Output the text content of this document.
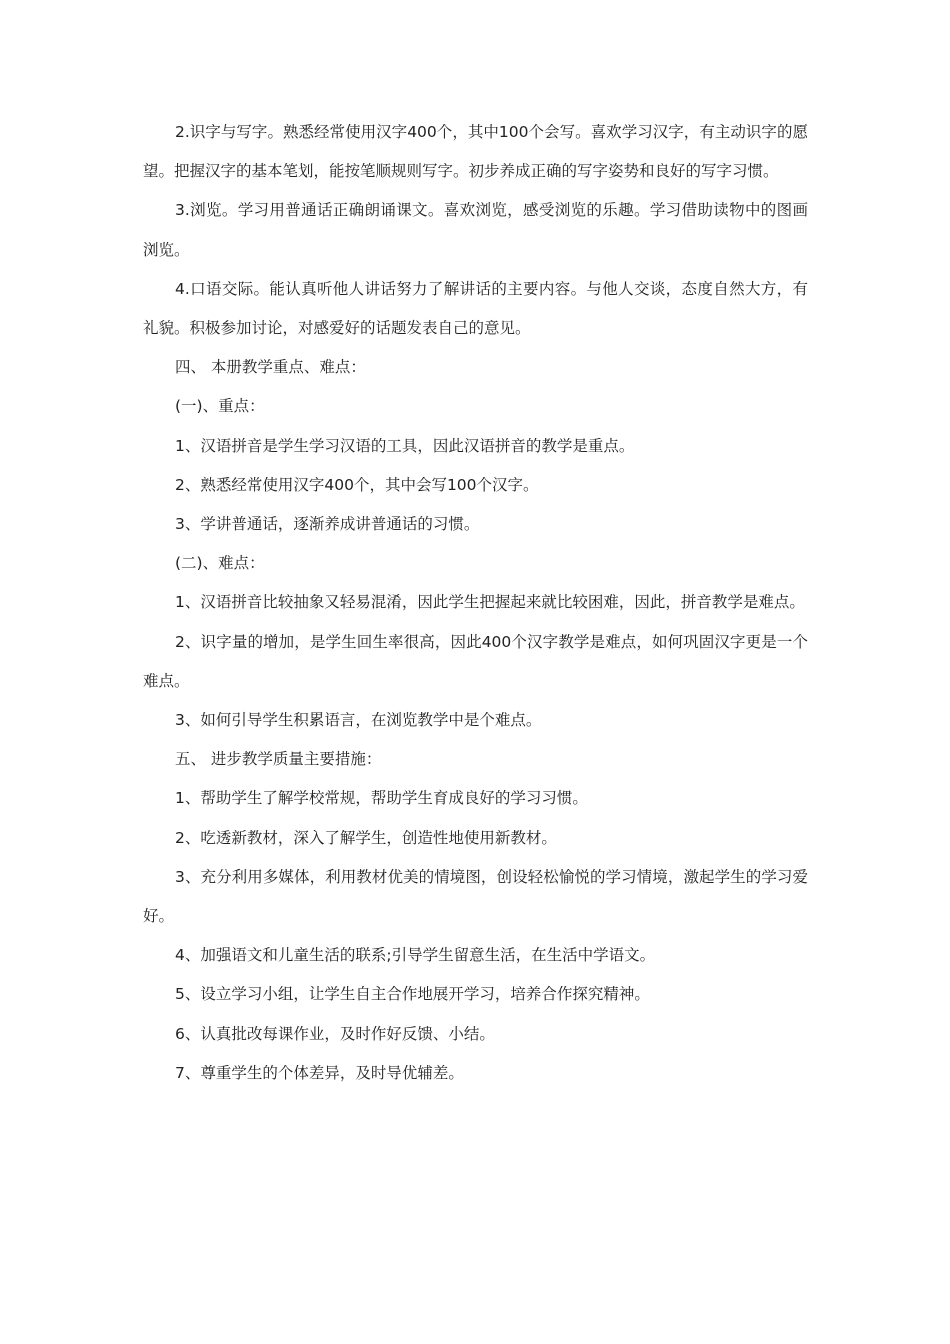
2.识字与写字。熟悉经常使用汉字400个，其中100个会写。喜欢学习汉字，有主动识字的愿望。把握汉字的基本笔划，能按笔顺规则写字。初步养成正确的写字姿势和良好的写字习惯。

3.浏览。学习用普通话正确朗诵课文。喜欢浏览，感受浏览的乐趣。学习借助读物中的图画浏览。

4.口语交际。能认真听他人讲话努力了解讲话的主要内容。与他人交谈，态度自然大方，有礼貌。积极参加讨论，对感爱好的话题发表自己的意见。

四、 本册教学重点、难点：

(一)、重点：

1、汉语拼音是学生学习汉语的工具，因此汉语拼音的教学是重点。

2、熟悉经常使用汉字400个，其中会写100个汉字。

3、学讲普通话，逐渐养成讲普通话的习惯。

(二)、难点：

1、汉语拼音比较抽象又轻易混淆，因此学生把握起来就比较困难，因此，拼音教学是难点。

2、识字量的增加，是学生回生率很高，因此400个汉字教学是难点，如何巩固汉字更是一个难点。

3、如何引导学生积累语言，在浏览教学中是个难点。

五、 进步教学质量主要措施：

1、帮助学生了解学校常规，帮助学生育成良好的学习习惯。

2、吃透新教材，深入了解学生，创造性地使用新教材。

3、充分利用多媒体，利用教材优美的情境图，创设轻松愉悦的学习情境，激起学生的学习爱好。

4、加强语文和儿童生活的联系;引导学生留意生活，在生活中学语文。

5、设立学习小组，让学生自主合作地展开学习，培养合作探究精神。

6、认真批改每课作业，及时作好反馈、小结。

7、尊重学生的个体差异，及时导优辅差。
